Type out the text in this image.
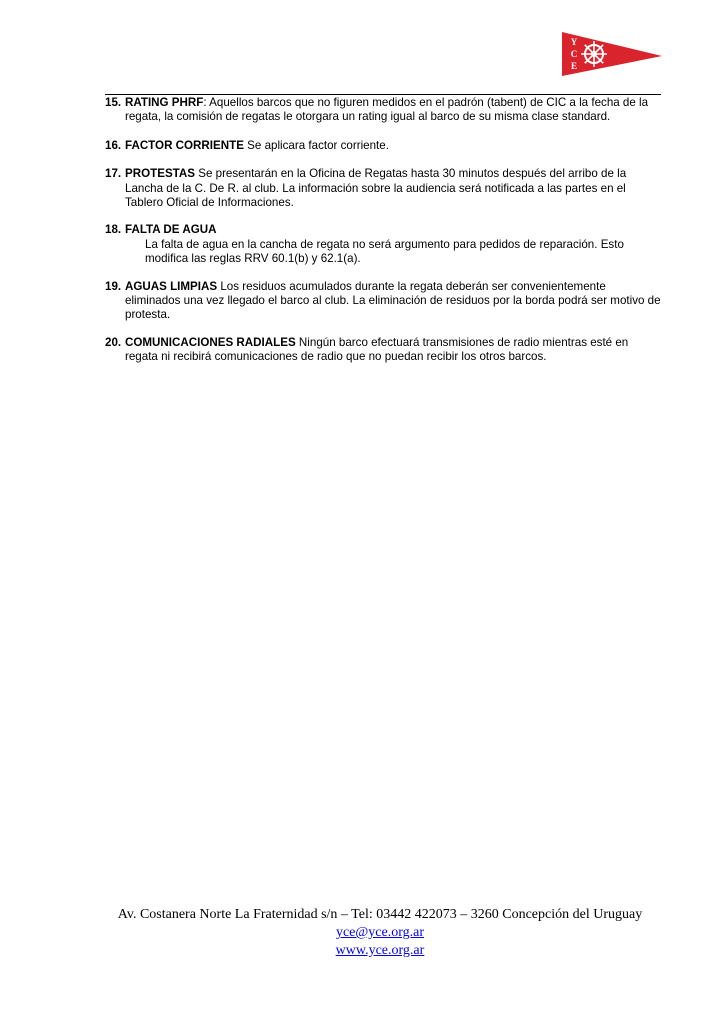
Y
C
E
15. RATING PHRF: Aquellos barcos que no figuren medidos en el padrón (tabent) de CIC a la fecha de la regata, la comisión de regatas le otorgara un rating igual al barco de su misma clase standard.
16. FACTOR CORRIENTE Se aplicara factor corriente.
17. PROTESTAS Se presentarán en la Oficina de Regatas hasta 30 minutos después del arribo de la Lancha de la C. De R. al club. La información sobre la audiencia será notificada a las partes en el Tablero Oficial de Informaciones.
18. FALTA DE AGUA
La falta de agua en la cancha de regata no será argumento para pedidos de reparación. Esto modifica las reglas RRV 60.1(b) y 62.1(a).
19. AGUAS LIMPIAS Los residuos acumulados durante la regata deberán ser convenientemente eliminados una vez llegado el barco al club. La eliminación de residuos por la borda podrá ser motivo de protesta.
20. COMUNICACIONES RADIALES Ningún barco efectuará transmisiones de radio mientras esté en regata ni recibirá comunicaciones de radio que no puedan recibir los otros barcos.
Av. Costanera Norte La Fraternidad s/n – Tel: 03442 422073 – 3260 Concepción del Uruguay
yce@yce.org.ar
www.yce.org.ar
